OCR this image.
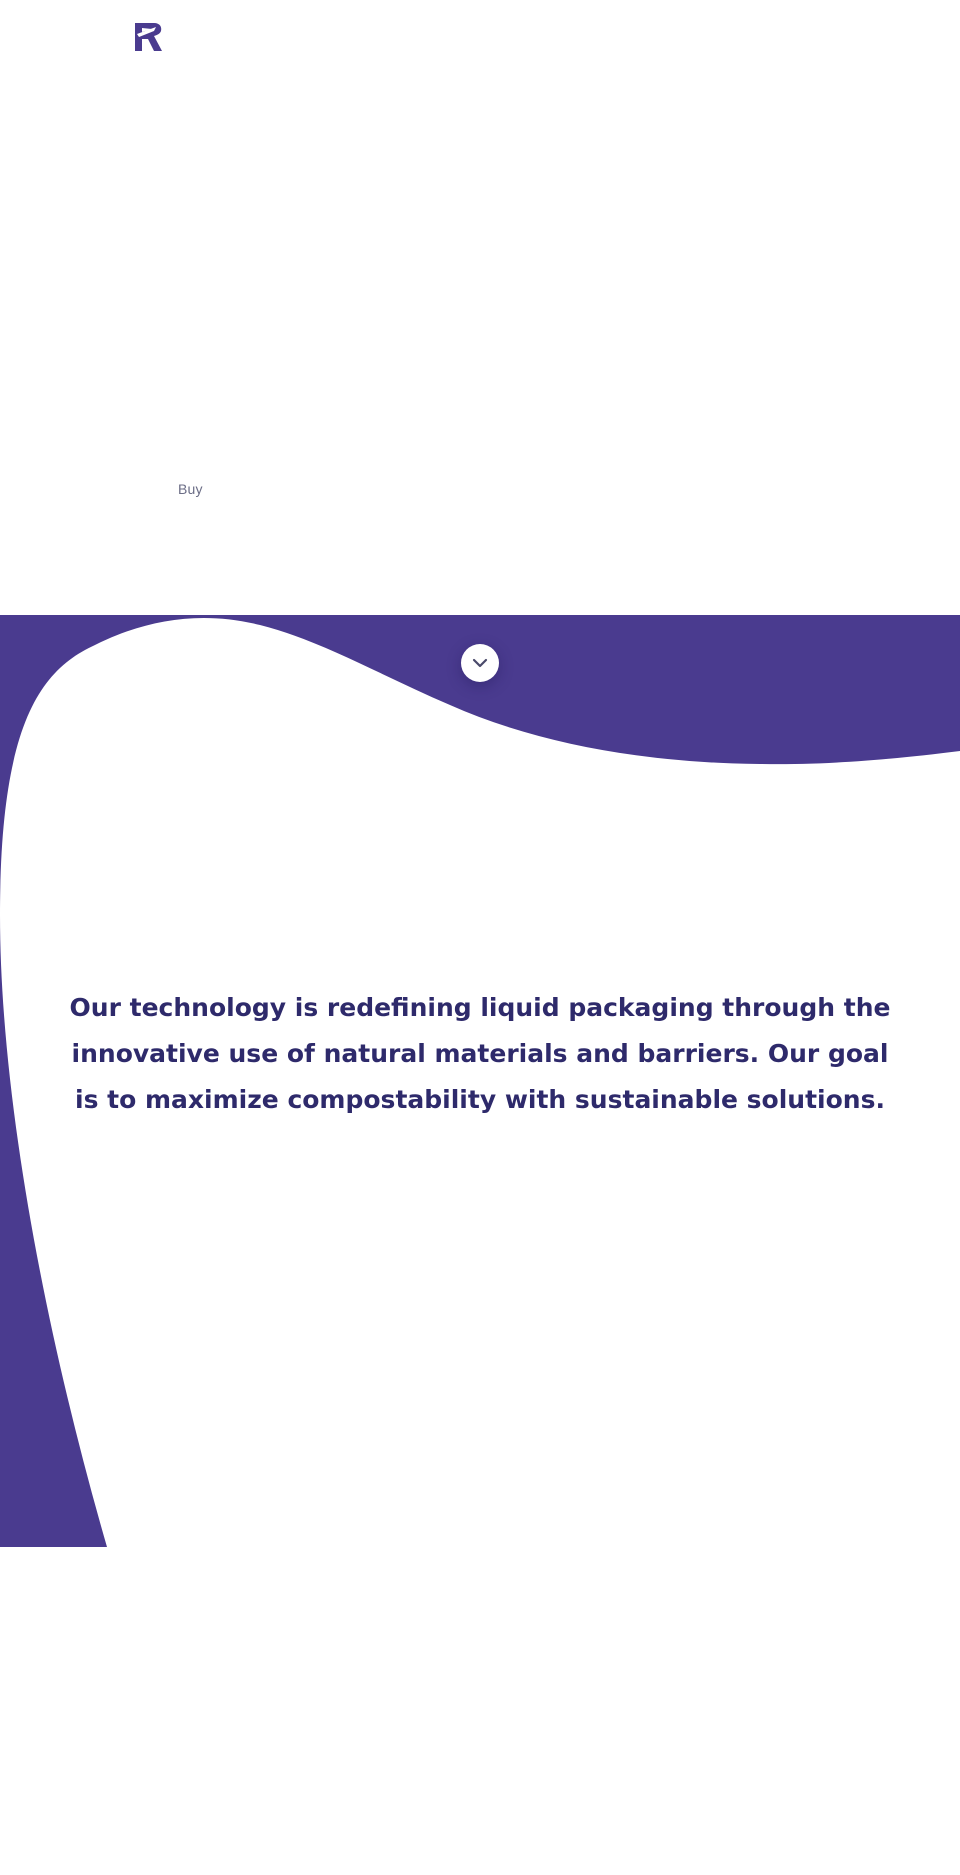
Buy

Our technology is redefining liquid packaging through the innovative use of natural materials and barriers. Our goal is to maximize compostability with sustainable solutions.
